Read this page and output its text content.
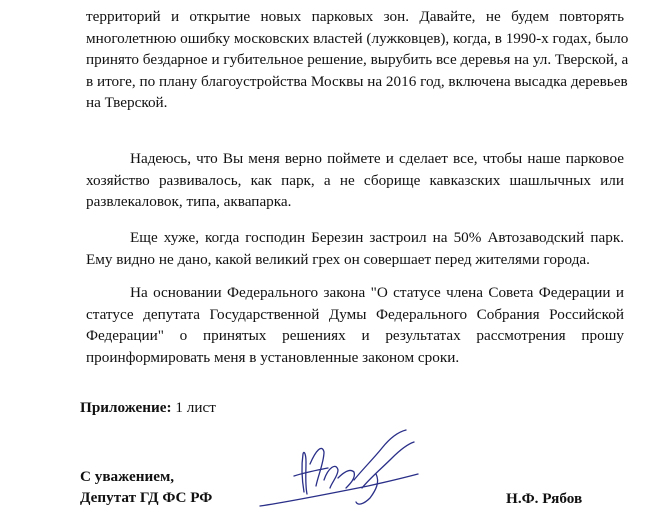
территорий и открытие новых парковых зон. Давайте, не будем повторять
многолетнюю ошибку московских властей (лужковцев), когда, в 1990-х годах, было
принято бездарное и губительное решение, вырубить все деревья на ул. Тверской, а
в итоге, по плану благоустройства Москвы на 2016 год, включена высадка деревьев
на Тверской.
Надеюсь, что Вы меня верно поймете и сделает все, чтобы наше парковое
хозяйство развивалось, как парк, а не сборище кавказских шашлычных или
развлекаловок, типа, аквапарка.
Еще хуже, когда господин Березин застроил на 50% Автозаводский парк.
Ему видно не дано, какой великий грех он совершает перед жителями города.
На основании Федерального закона "О статусе члена Совета Федерации и
статусе депутата Государственной Думы Федерального Собрания Российской
Федерации" о принятых решениях и результатах рассмотрения прошу
проинформировать меня в установленные законом сроки.
Приложение: 1 лист
С уважением,
Депутат ГД ФС РФ	Н.Ф. Рябов
